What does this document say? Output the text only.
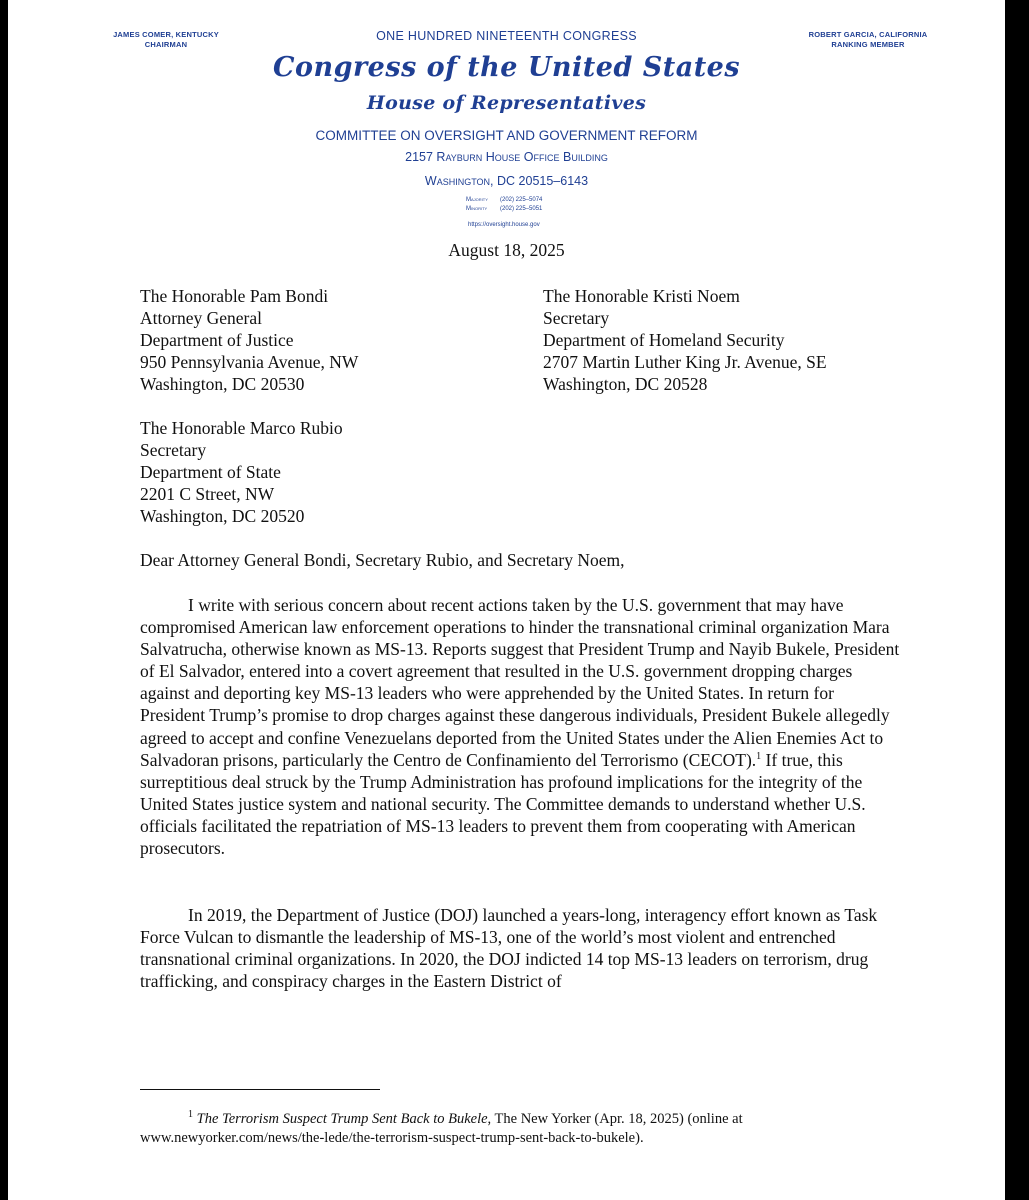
JAMES COMER, KENTUCKY
CHAIRMAN
ROBERT GARCIA, CALIFORNIA
RANKING MEMBER
ONE HUNDRED NINETEENTH CONGRESS
Congress of the United States
House of Representatives
COMMITTEE ON OVERSIGHT AND GOVERNMENT REFORM
2157 Rayburn House Office Building
Washington, DC 20515–6143
Majority (202) 225–5074
Minority (202) 225–5051
https://oversight.house.gov
August 18, 2025
The Honorable Pam Bondi
Attorney General
Department of Justice
950 Pennsylvania Avenue, NW
Washington, DC 20530
The Honorable Kristi Noem
Secretary
Department of Homeland Security
2707 Martin Luther King Jr. Avenue, SE
Washington, DC 20528
The Honorable Marco Rubio
Secretary
Department of State
2201 C Street, NW
Washington, DC 20520
Dear Attorney General Bondi, Secretary Rubio, and Secretary Noem,

I write with serious concern about recent actions taken by the U.S. government that may have compromised American law enforcement operations to hinder the transnational criminal organization Mara Salvatrucha, otherwise known as MS-13. Reports suggest that President Trump and Nayib Bukele, President of El Salvador, entered into a covert agreement that resulted in the U.S. government dropping charges against and deporting key MS-13 leaders who were apprehended by the United States. In return for President Trump’s promise to drop charges against these dangerous individuals, President Bukele allegedly agreed to accept and confine Venezuelans deported from the United States under the Alien Enemies Act to Salvadoran prisons, particularly the Centro de Confinamiento del Terrorismo (CECOT).$^1$ If true, this surreptitious deal struck by the Trump Administration has profound implications for the integrity of the United States justice system and national security. The Committee demands to understand whether U.S. officials facilitated the repatriation of MS-13 leaders to prevent them from cooperating with American prosecutors.

In 2019, the Department of Justice (DOJ) launched a years-long, interagency effort known as Task Force Vulcan to dismantle the leadership of MS-13, one of the world’s most violent and entrenched transnational criminal organizations. In 2020, the DOJ indicted 14 top MS-13 leaders on terrorism, drug trafficking, and conspiracy charges in the Eastern District of

$^1$ The Terrorism Suspect Trump Sent Back to Bukele, The New Yorker (Apr. 18, 2025) (online at www.newyorker.com/news/the-lede/the-terrorism-suspect-trump-sent-back-to-bukele).
